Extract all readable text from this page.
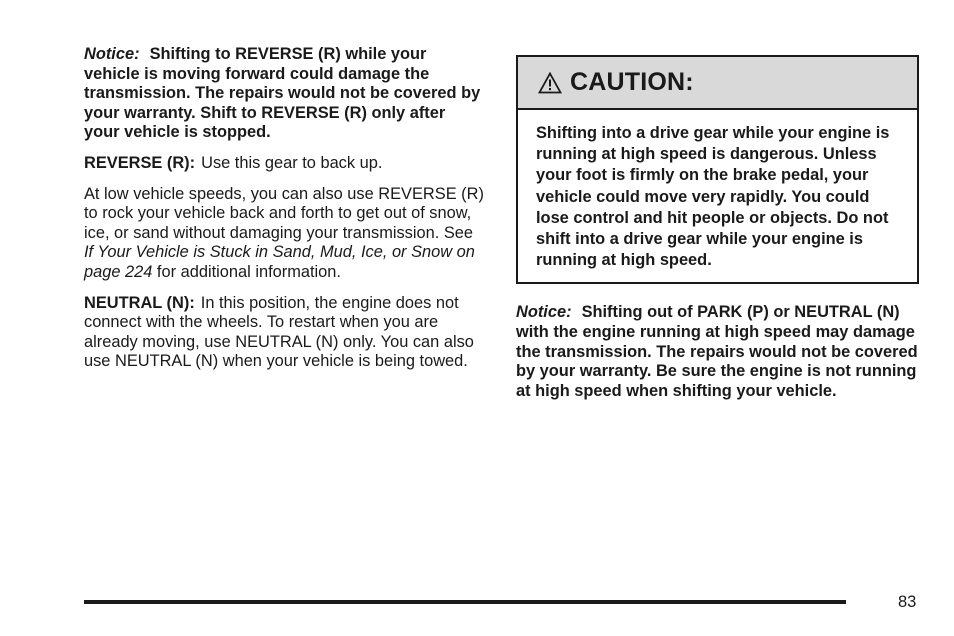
Notice: Shifting to REVERSE (R) while your vehicle is moving forward could damage the transmission. The repairs would not be covered by your warranty. Shift to REVERSE (R) only after your vehicle is stopped.

REVERSE (R): Use this gear to back up.

At low vehicle speeds, you can also use REVERSE (R) to rock your vehicle back and forth to get out of snow, ice, or sand without damaging your transmission. See If Your Vehicle is Stuck in Sand, Mud, Ice, or Snow on page 224 for additional information.

NEUTRAL (N): In this position, the engine does not connect with the wheels. To restart when you are already moving, use NEUTRAL (N) only. You can also use NEUTRAL (N) when your vehicle is being towed.

CAUTION:
Shifting into a drive gear while your engine is running at high speed is dangerous. Unless your foot is firmly on the brake pedal, your vehicle could move very rapidly. You could lose control and hit people or objects. Do not shift into a drive gear while your engine is running at high speed.

Notice: Shifting out of PARK (P) or NEUTRAL (N) with the engine running at high speed may damage the transmission. The repairs would not be covered by your warranty. Be sure the engine is not running at high speed when shifting your vehicle.

83
